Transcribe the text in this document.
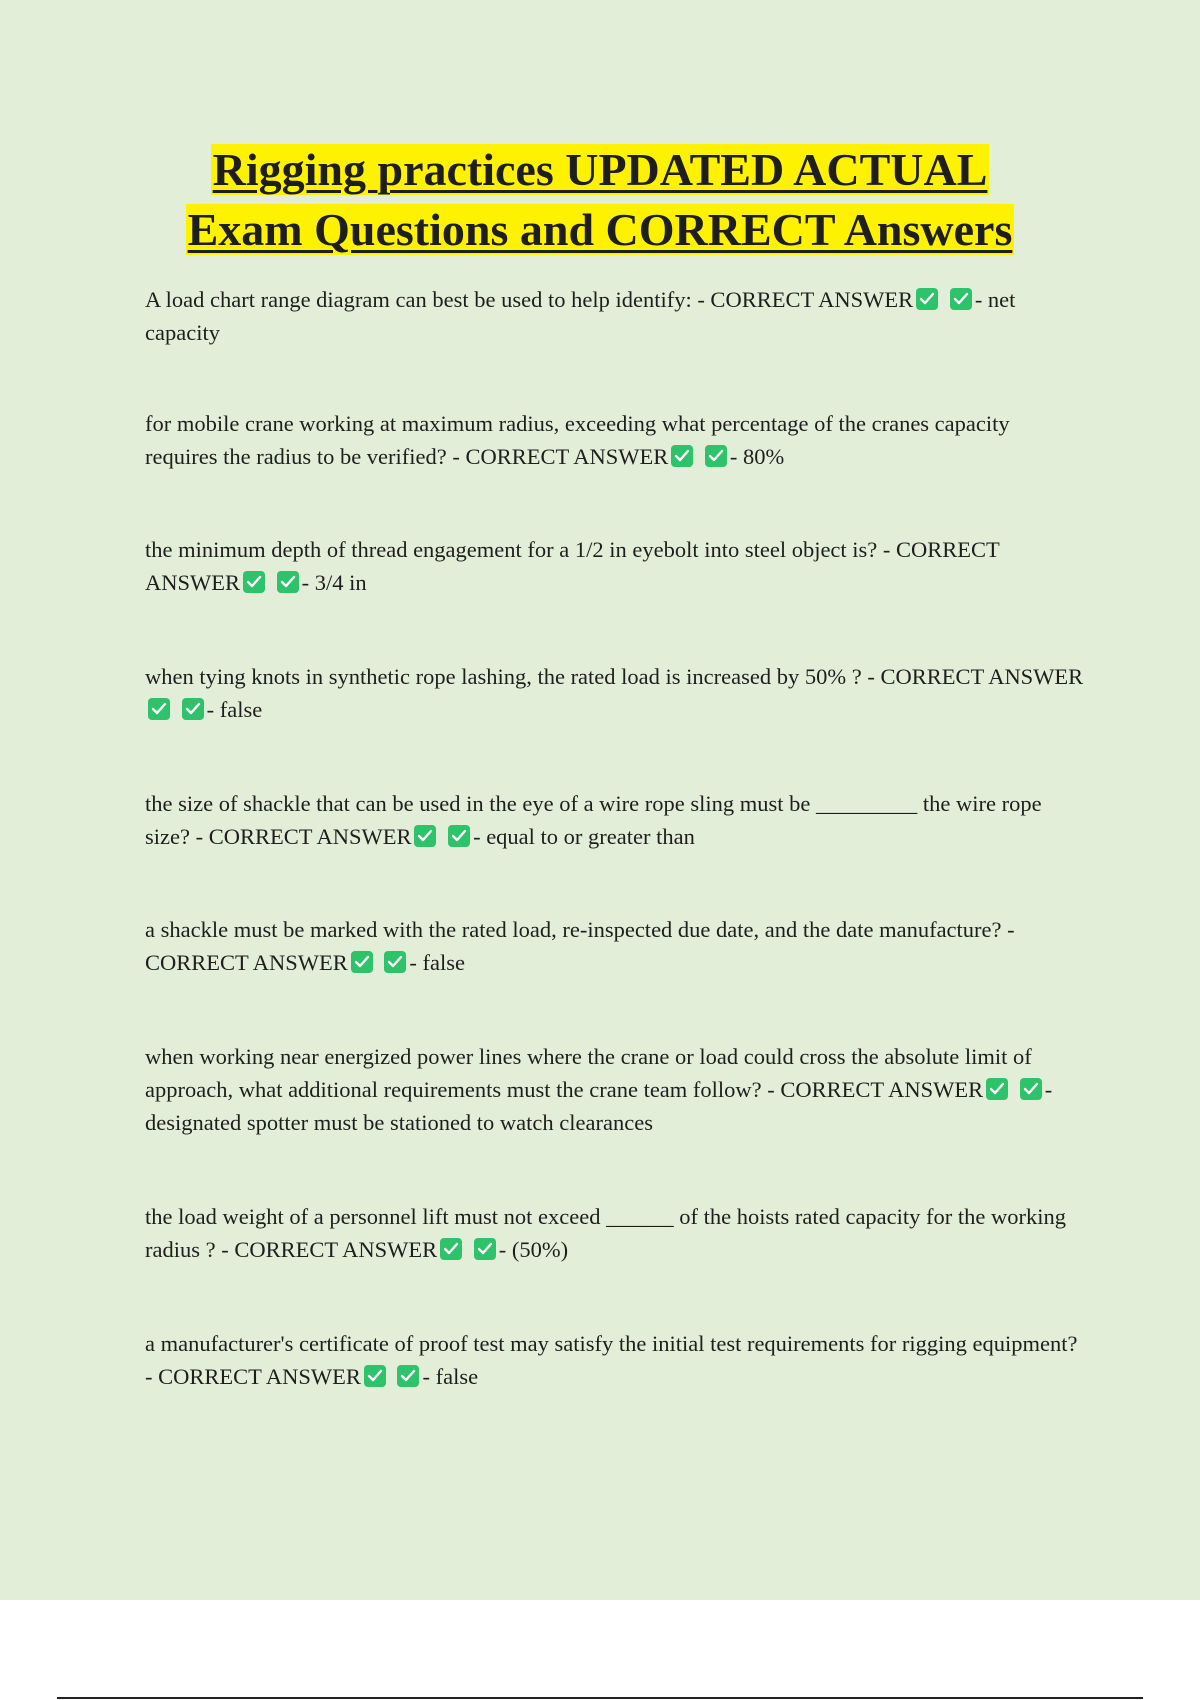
Rigging practices UPDATED ACTUAL
Exam Questions and CORRECT Answers

A load chart range diagram can best be used to help identify: - CORRECT ANSWER
	- net capacity

for mobile crane working at maximum radius, exceeding what percentage of the cranes capacity requires the radius to be verified? - CORRECT ANSWER
	- 80%

the minimum depth of thread engagement for a 1/2 in eyebolt into steel object is? - CORRECT ANSWER
	- 3/4 in

when tying knots in synthetic rope lashing, the rated load is increased by 50% ? - CORRECT ANSWER

- false

the size of shackle that can be used in the eye of a wire rope sling must be _________ the wire rope size? - CORRECT ANSWER
	- equal to or greater than

a shackle must be marked with the rated load, re-inspected due date, and the date manufacture? - CORRECT ANSWER
	- false

when working near energized power lines where the crane or load could cross the absolute limit of approach, what additional requirements must the crane team follow? - CORRECT ANSWER
	- designated spotter must be stationed to watch clearances

the load weight of a personnel lift must not exceed ______ of the hoists rated capacity for the working radius ? - CORRECT ANSWER
	- (50%)

a manufacturer's certificate of proof test may satisfy the initial test requirements for rigging equipment? - CORRECT ANSWER
	- false
